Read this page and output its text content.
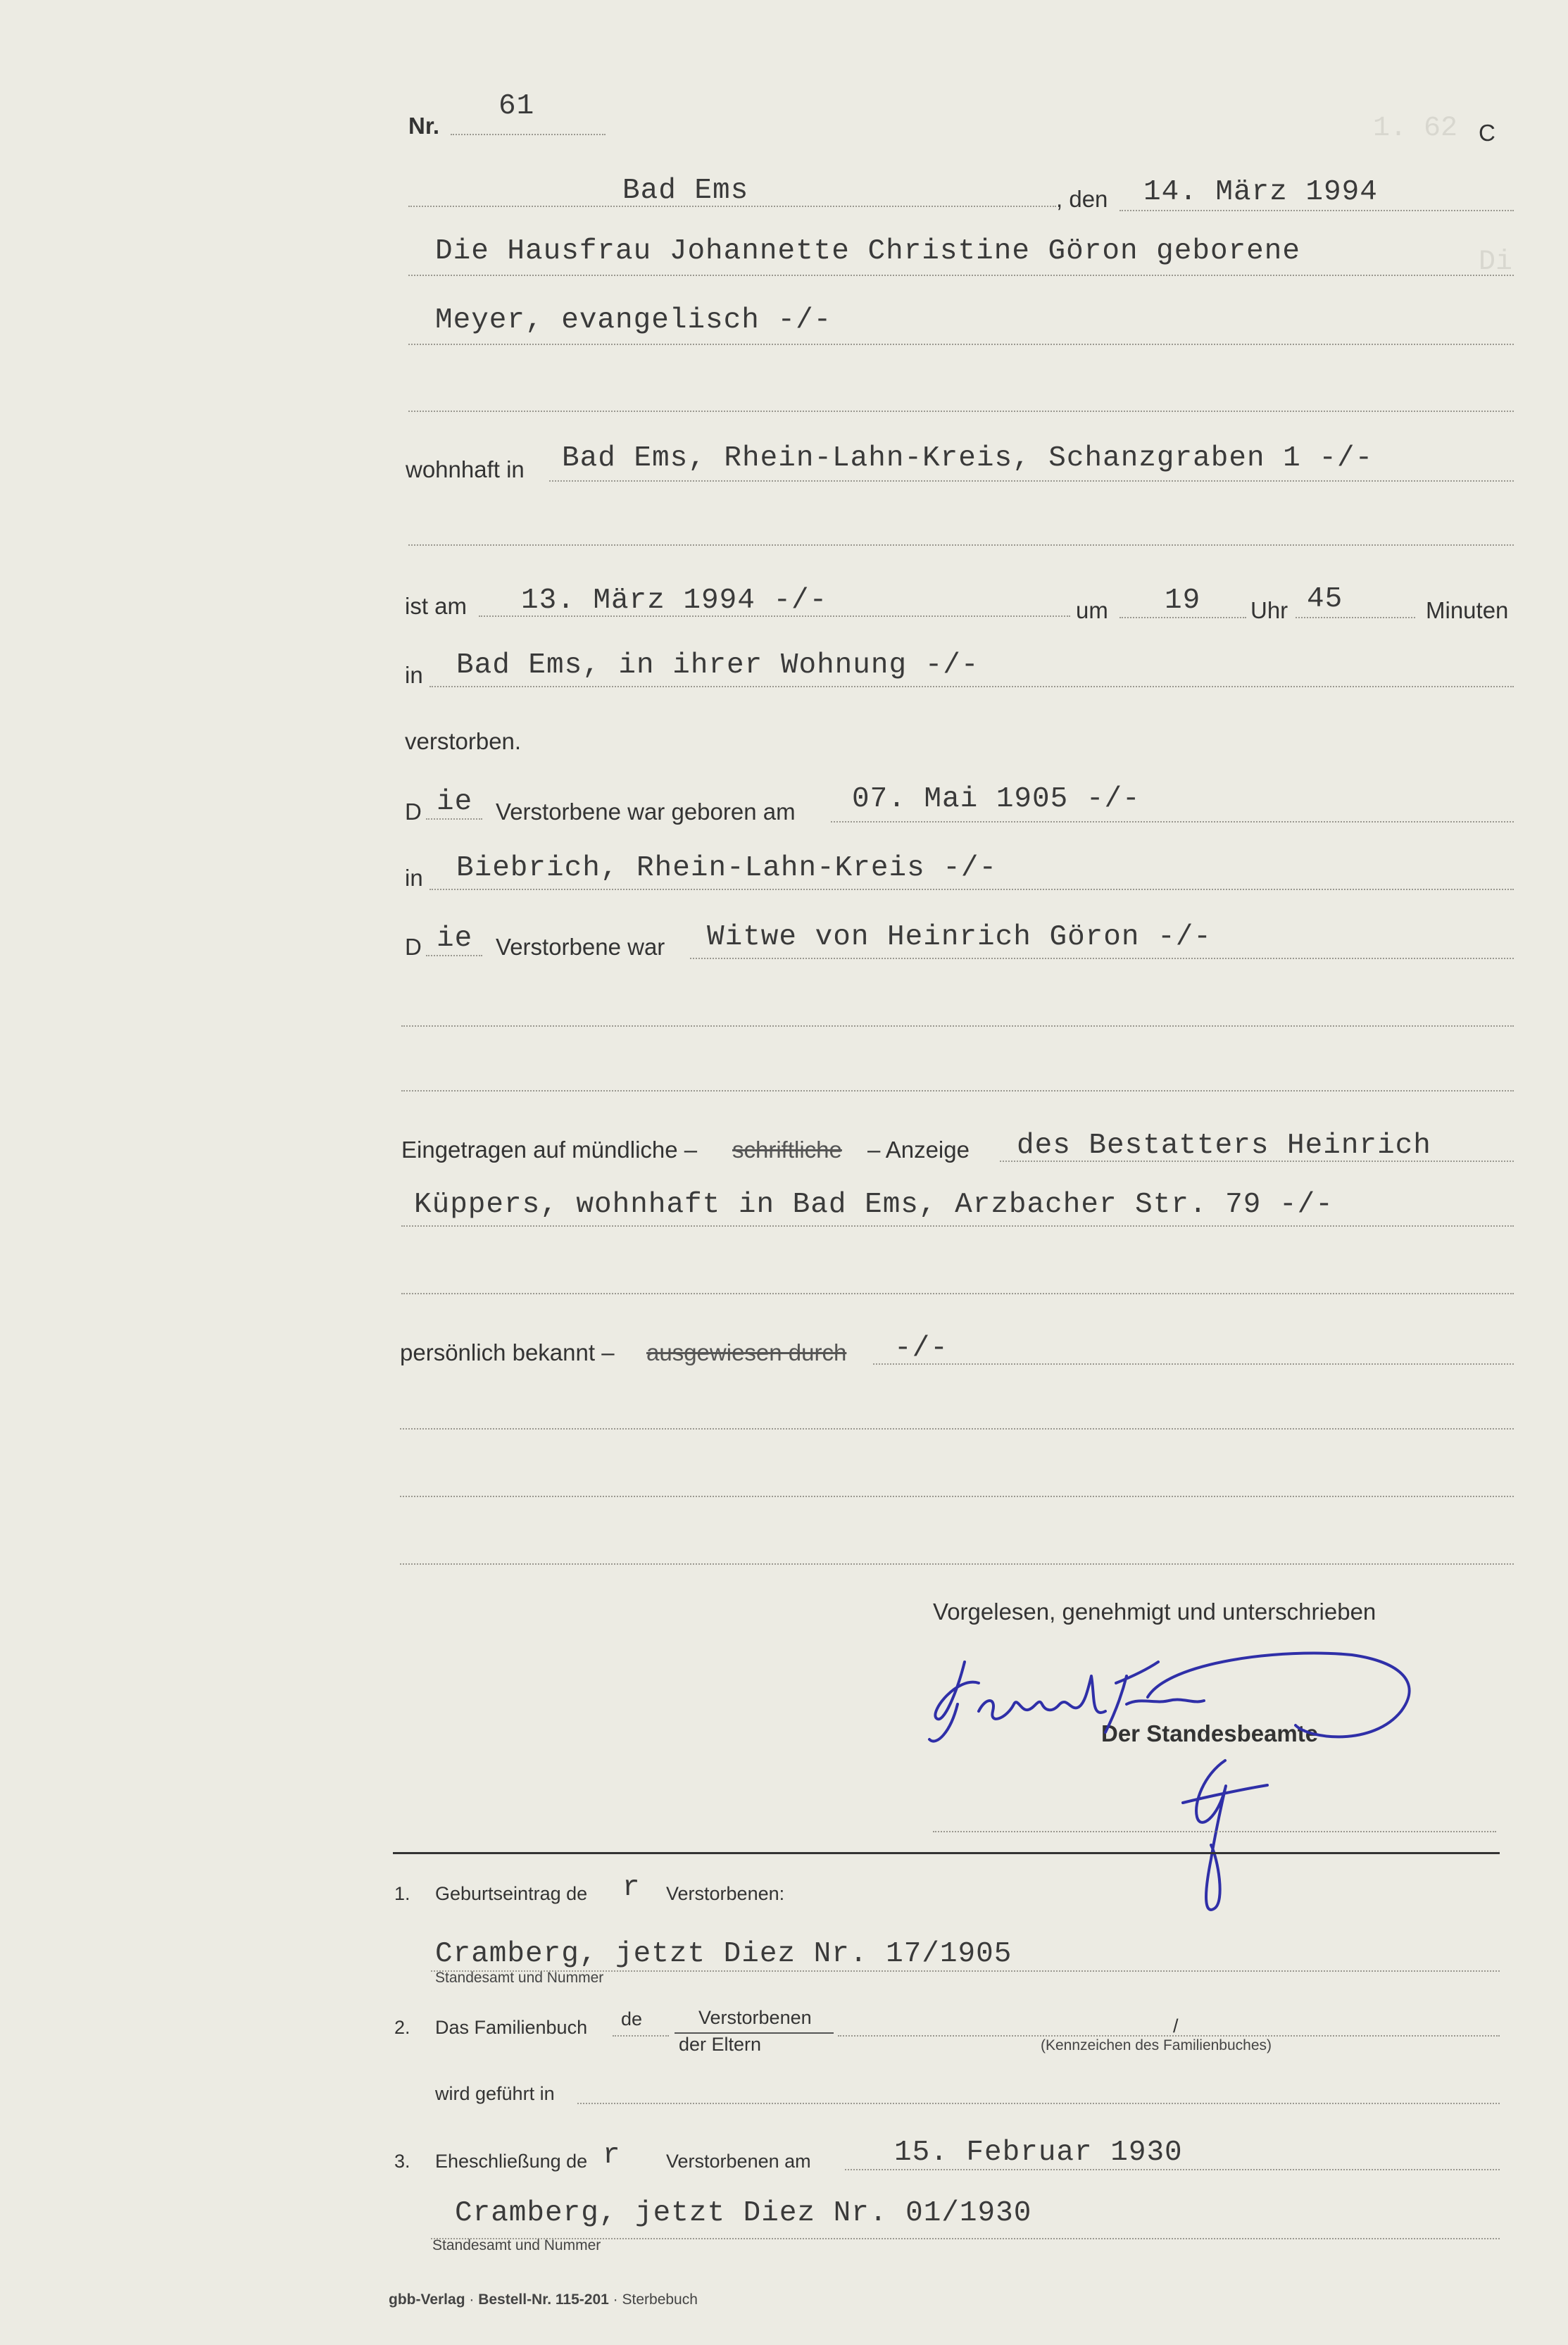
1. 62
Di
Nr.
61
C
Bad Ems	, den 14. März 1994
Die Hausfrau Johannette Christine Göron geborene
Meyer, evangelisch -/-
wohnhaft in Bad Ems, Rhein-Lahn-Kreis, Schanzgraben 1 -/-
ist am 13. März 1994 -/-	um 19 Uhr 45	Minuten
in Bad Ems, in ihrer Wohnung -/-
verstorben.
D ie Verstorbene war geboren am 07. Mai 1905 -/-
in Biebrich, Rhein-Lahn-Kreis -/-
D ie Verstorbene war Witwe von Heinrich Göron -/-
Eingetragen auf mündliche – schriftliche – Anzeige des Bestatters Heinrich
Küppers, wohnhaft in Bad Ems, Arzbacher Str. 79 -/-
persönlich bekannt – ausgewiesen durch -/-
Vorgelesen, genehmigt und unterschrieben
Der Standesbeamte
1. Geburtseintrag de r Verstorbenen:
Cramberg, jetzt Diez Nr. 17/1905
Standesamt und Nummer
2. Das Familienbuch de	Verstorbenen
der Eltern
/
(Kennzeichen des Familienbuches)
wird geführt in
3. Eheschließung de r Verstorbenen am	15. Februar 1930
Cramberg, jetzt Diez Nr. 01/1930
Standesamt und Nummer
gbb-Verlag · Bestell-Nr. 115-201 · Sterbebuch
